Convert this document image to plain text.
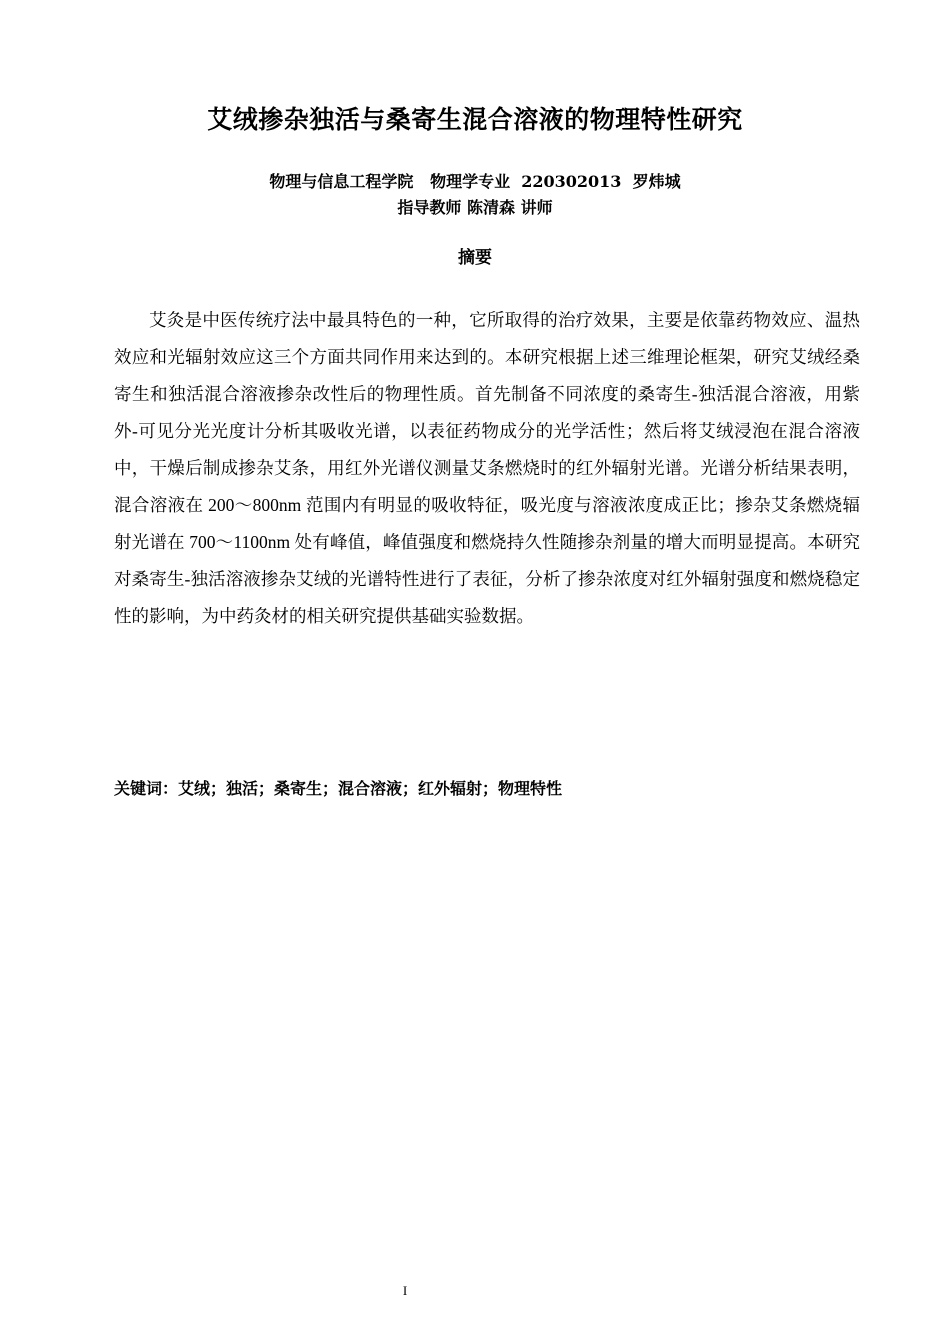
艾绒掺杂独活与桑寄生混合溶液的物理特性研究

物理与信息工程学院   物理学专业  220302013  罗炜城

指导教师 陈清森 讲师

摘要

艾灸是中医传统疗法中最具特色的一种，它所取得的治疗效果，主要是依靠药物效应、温热效应和光辐射效应这三个方面共同作用来达到的。本研究根据上述三维理论框架，研究艾绒经桑寄生和独活混合溶液掺杂改性后的物理性质。首先制备不同浓度的桑寄生-独活混合溶液，用紫外-可见分光光度计分析其吸收光谱，以表征药物成分的光学活性；然后将艾绒浸泡在混合溶液中，干燥后制成掺杂艾条，用红外光谱仪测量艾条燃烧时的红外辐射光谱。光谱分析结果表明，混合溶液在 200～800nm 范围内有明显的吸收特征，吸光度与溶液浓度成正比；掺杂艾条燃烧辐射光谱在 700～1100nm 处有峰值，峰值强度和燃烧持久性随掺杂剂量的增大而明显提高。本研究对桑寄生-独活溶液掺杂艾绒的光谱特性进行了表征，分析了掺杂浓度对红外辐射强度和燃烧稳定性的影响，为中药灸材的相关研究提供基础实验数据。

关键词：艾绒；独活；桑寄生；混合溶液；红外辐射；物理特性

I
